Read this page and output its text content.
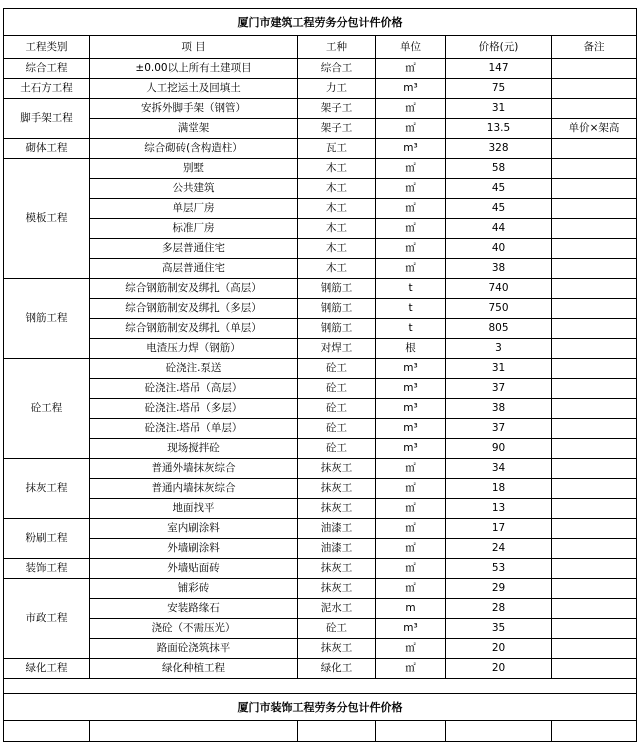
厦门市建筑工程劳务分包计件价格					
工程类别	项 目	工种	单位	价格(元)	备注
综合工程	±0.00以上所有土建项目	综合工	㎡	147	
土石方工程	人工挖运土及回填土	力工	m³	75	
脚手架工程	安拆外脚手架（钢管）	架子工	㎡	31	
	满堂架	架子工	㎡	13.5	单价×架高
砌体工程	综合砌砖(含构造柱）	瓦工	m³	328	
模板工程	别墅	木工	㎡	58	
	公共建筑	木工	㎡	45	
	单层厂房	木工	㎡	45	
	标准厂房	木工	㎡	44	
	多层普通住宅	木工	㎡	40	
	高层普通住宅	木工	㎡	38	
钢筋工程	综合钢筋制安及绑扎（高层）	钢筋工	t	740	
	综合钢筋制安及绑扎（多层）	钢筋工	t	750	
	综合钢筋制安及绑扎（单层）	钢筋工	t	805	
	电渣压力焊（钢筋）	对焊工	根	3	
砼工程	砼浇注.泵送	砼工	m³	31	
	砼浇注.塔吊（高层）	砼工	m³	37	
	砼浇注.塔吊（多层）	砼工	m³	38	
	砼浇注.塔吊（单层）	砼工	m³	37	
	现场搅拌砼	砼工	m³	90	
抹灰工程	普通外墙抹灰综合	抹灰工	㎡	34	
	普通内墙抹灰综合	抹灰工	㎡	18	
	地面找平	抹灰工	㎡	13	
粉刷工程	室内刷涂料	油漆工	㎡	17	
	外墙刷涂料	油漆工	㎡	24	
装饰工程	外墙贴面砖	抹灰工	㎡	53	
市政工程	铺彩砖	抹灰工	㎡	29	
	安装路缘石	泥水工	m	28	
	浇砼（不需压光）	砼工	m³	35	
	路面砼浇筑抹平	抹灰工	㎡	20	
绿化工程	绿化种植工程	绿化工	㎡	20	

厦门市装饰工程劳务分包计件价格					
